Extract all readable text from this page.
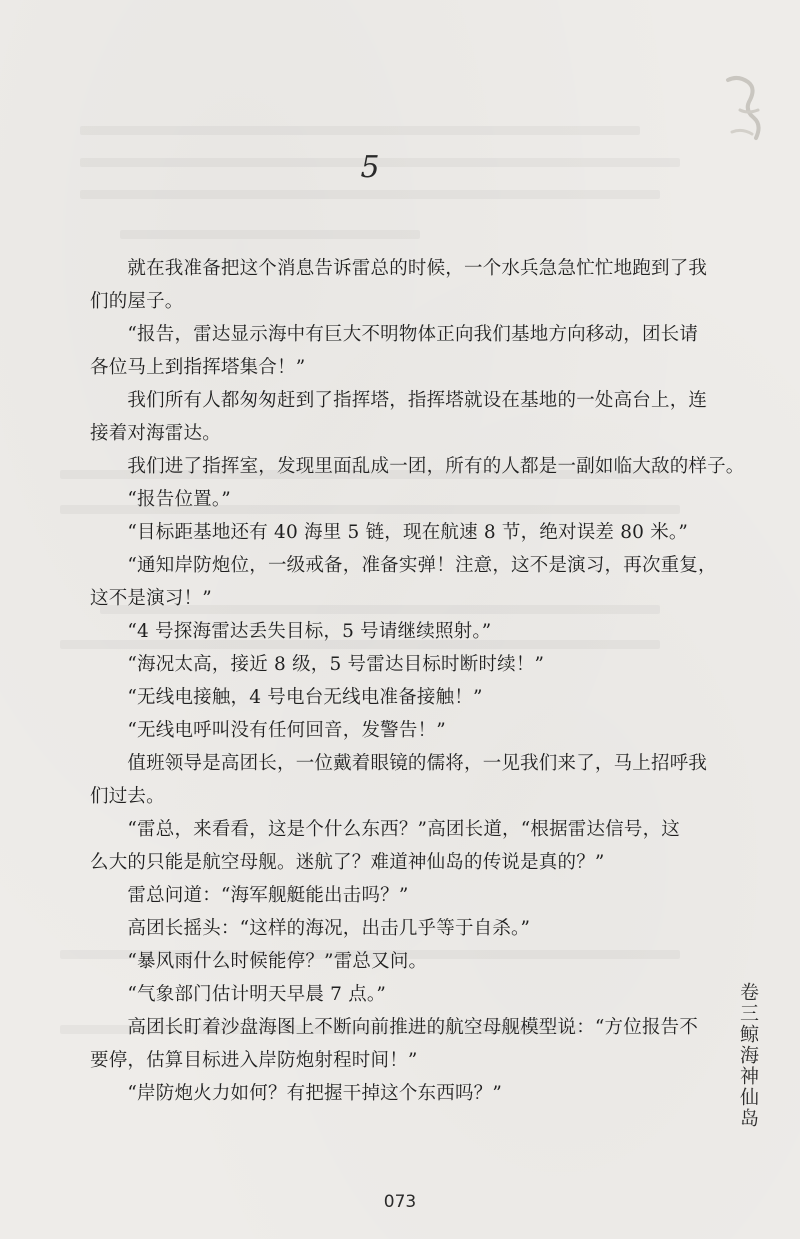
5
　　就在我准备把这个消息告诉雷总的时候，一个水兵急急忙忙地跑到了我
们的屋子。
　　“报告，雷达显示海中有巨大不明物体正向我们基地方向移动，团长请
各位马上到指挥塔集合！”
　　我们所有人都匆匆赶到了指挥塔，指挥塔就设在基地的一处高台上，连
接着对海雷达。
　　我们进了指挥室，发现里面乱成一团，所有的人都是一副如临大敌的样子。
　　“报告位置。”
　　“目标距基地还有 40 海里 5 链，现在航速 8 节，绝对误差 80 米。”
　　“通知岸防炮位，一级戒备，准备实弹！注意，这不是演习，再次重复，
这不是演习！”
　　“4 号探海雷达丢失目标，5 号请继续照射。”
　　“海况太高，接近 8 级，5 号雷达目标时断时续！”
　　“无线电接触，4 号电台无线电准备接触！”
　　“无线电呼叫没有任何回音，发警告！”
　　值班领导是高团长，一位戴着眼镜的儒将，一见我们来了，马上招呼我
们过去。
　　“雷总，来看看，这是个什么东西？”高团长道，“根据雷达信号，这
么大的只能是航空母舰。迷航了？难道神仙岛的传说是真的？”
　　雷总问道：“海军舰艇能出击吗？”
　　高团长摇头：“这样的海况，出击几乎等于自杀。”
　　“暴风雨什么时候能停？”雷总又问。
　　“气象部门估计明天早晨 7 点。”
　　高团长盯着沙盘海图上不断向前推进的航空母舰模型说：“方位报告不
要停，估算目标进入岸防炮射程时间！”
　　“岸防炮火力如何？有把握干掉这个东西吗？”
卷三鲸海神仙岛
073
